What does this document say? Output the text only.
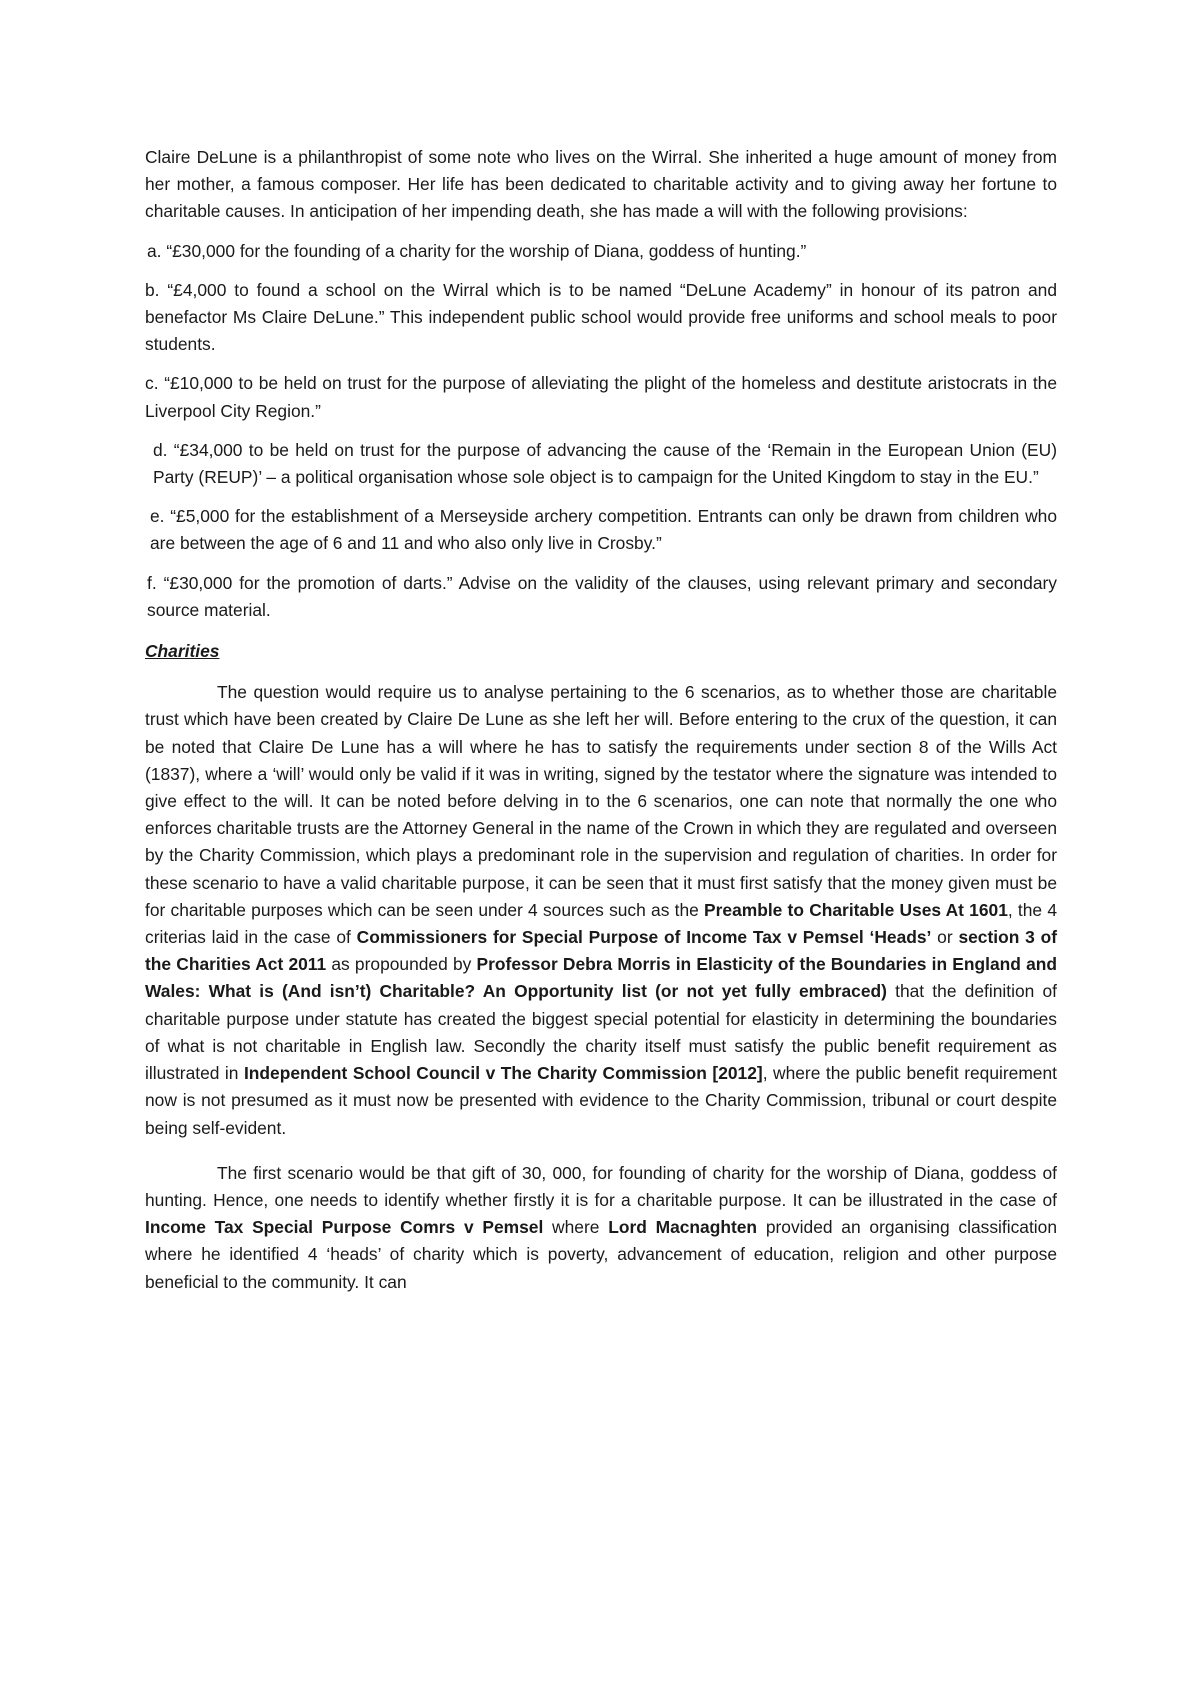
Claire DeLune is a philanthropist of some note who lives on the Wirral. She inherited a huge amount of money from her mother, a famous composer. Her life has been dedicated to charitable activity and to giving away her fortune to charitable causes. In anticipation of her impending death, she has made a will with the following provisions:

a. “£30,000 for the founding of a charity for the worship of Diana, goddess of hunting.”

b. “£4,000 to found a school on the Wirral which is to be named “DeLune Academy” in honour of its patron and benefactor Ms Claire DeLune.” This independent public school would provide free uniforms and school meals to poor students.

c. “£10,000 to be held on trust for the purpose of alleviating the plight of the homeless and destitute aristocrats in the Liverpool City Region.”

d. “£34,000 to be held on trust for the purpose of advancing the cause of the ‘Remain in the European Union (EU) Party (REUP)’ – a political organisation whose sole object is to campaign for the United Kingdom to stay in the EU.”

e. “£5,000 for the establishment of a Merseyside archery competition. Entrants can only be drawn from children who are between the age of 6 and 11 and who also only live in Crosby.”

f. “£30,000 for the promotion of darts.” Advise on the validity of the clauses, using relevant primary and secondary source material.

Charities

The question would require us to analyse pertaining to the 6 scenarios, as to whether those are charitable trust which have been created by Claire De Lune as she left her will. Before entering to the crux of the question, it can be noted that Claire De Lune has a will where he has to satisfy the requirements under section 8 of the Wills Act (1837), where a ‘will’ would only be valid if it was in writing, signed by the testator where the signature was intended to give effect to the will. It can be noted before delving in to the 6 scenarios, one can note that normally the one who enforces charitable trusts are the Attorney General in the name of the Crown in which they are regulated and overseen by the Charity Commission, which plays a predominant role in the supervision and regulation of charities. In order for these scenario to have a valid charitable purpose, it can be seen that it must first satisfy that the money given must be for charitable purposes which can be seen under 4 sources such as the Preamble to Charitable Uses At 1601, the 4 criterias laid in the case of Commissioners for Special Purpose of Income Tax v Pemsel ‘Heads’ or section 3 of the Charities Act 2011 as propounded by Professor Debra Morris in Elasticity of the Boundaries in England and Wales: What is (And isn’t) Charitable? An Opportunity list (or not yet fully embraced) that the definition of charitable purpose under statute has created the biggest special potential for elasticity in determining the boundaries of what is not charitable in English law. Secondly the charity itself must satisfy the public benefit requirement as illustrated in Independent School Council v The Charity Commission [2012], where the public benefit requirement now is not presumed as it must now be presented with evidence to the Charity Commission, tribunal or court despite being self-evident.

The first scenario would be that gift of 30, 000, for founding of charity for the worship of Diana, goddess of hunting. Hence, one needs to identify whether firstly it is for a charitable purpose. It can be illustrated in the case of Income Tax Special Purpose Comrs v Pemsel where Lord Macnaghten provided an organising classification where he identified 4 ‘heads’ of charity which is poverty, advancement of education, religion and other purpose beneficial to the community. It can
